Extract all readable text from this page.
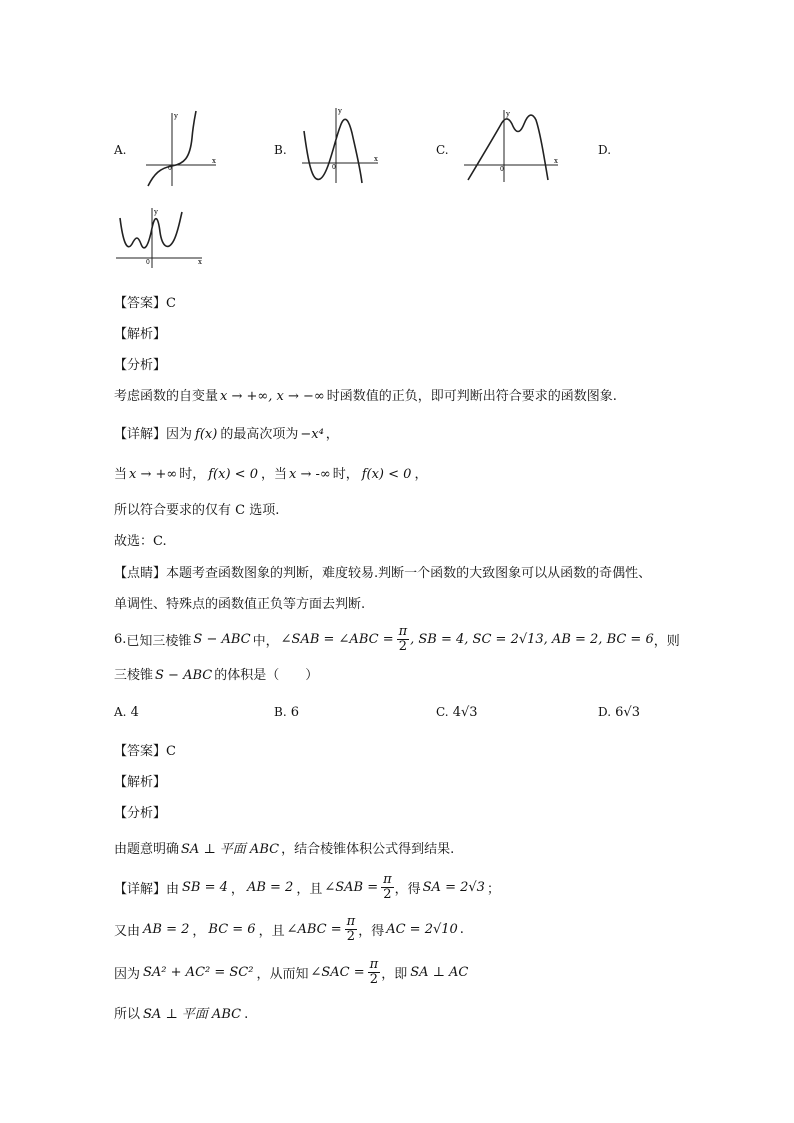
A.	B.	C.	D.
y
x
0
y
x
0
y
x
0
y
x
0
【答案】C
【解析】
【分析】
考虑函数的自变量 x → +∞, x → −∞ 时函数值的正负，即可判断出符合要求的函数图象.
【详解】因为 f(x) 的最高次项为 −x⁴ ，
当 x → +∞ 时， f(x) < 0 ，当 x → -∞ 时， f(x) < 0 ，
所以符合要求的仅有 C 选项.
故选：C.
【点睛】本题考查函数图象的判断，难度较易.判断一个函数的大致图象可以从函数的奇偶性、
单调性、特殊点的函数值正负等方面去判断.
6. 已知三棱锥 S − ABC 中， ∠SAB = ∠ABC = $\frac{\pi}{2}$ , SB = 4, SC = 2√13, AB = 2, BC = 6 ，则
三棱锥 S − ABC 的体积是（　　）
A. 4	B. 6	C. 4√3	D. 6√3
【答案】C
【解析】
【分析】
由题意明确 SA ⊥ 平面 ABC ，结合棱锥体积公式得到结果.
【详解】 由 SB = 4 ， AB = 2 ，且 ∠SAB = $\frac{\pi}{2}$ ，得 SA = 2√3 ；
又由 AB = 2 ， BC = 6 ，且 ∠ABC = $\frac{\pi}{2}$ ，得 AC = 2√10 .
因为 SA² + AC² = SC² ，从而知 ∠SAC = $\frac{\pi}{2}$ ，即 SA ⊥ AC
所以 SA ⊥ 平面 ABC .
